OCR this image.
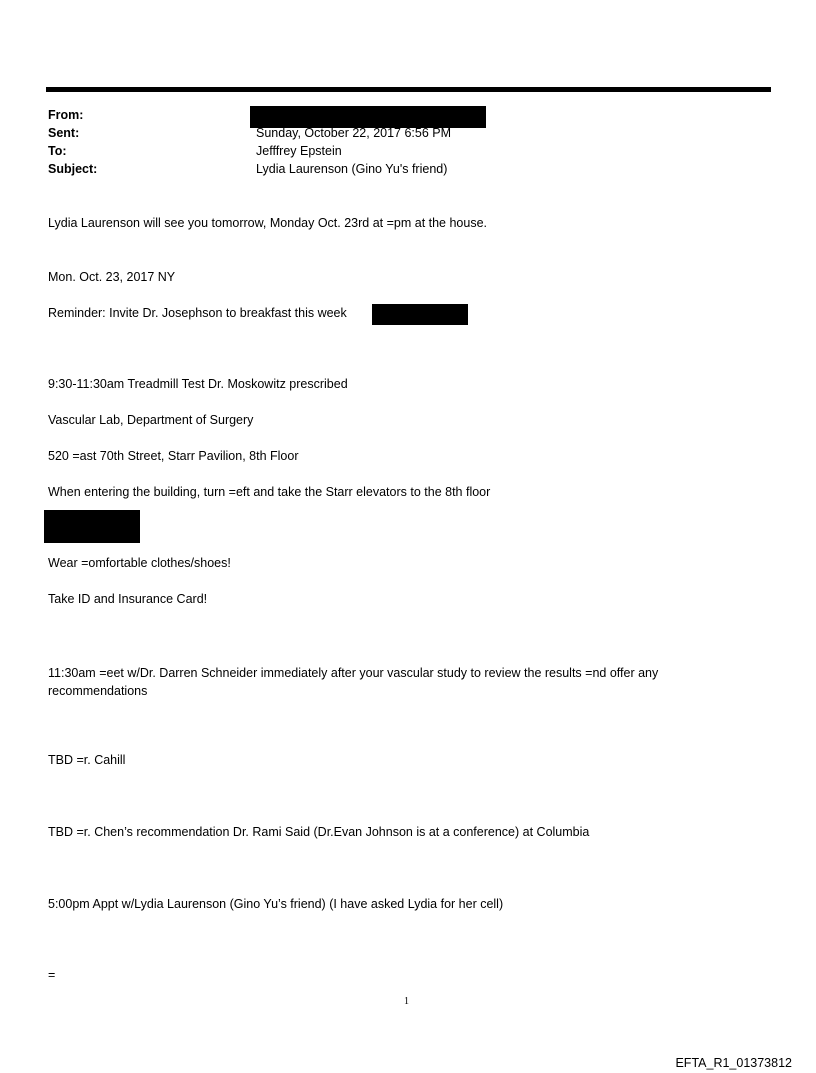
From:
Sent:	Sunday, October 22, 2017 6:56 PM
To:	Jefffrey Epstein
Subject:	Lydia Laurenson (Gino Yu's friend)
Lydia Laurenson will see you tomorrow, Monday Oct. 23rd at =pm at the house.
Mon. Oct. 23, 2017 NY
Reminder: Invite Dr. Josephson to breakfast this week
9:30-11:30am Treadmill Test Dr. Moskowitz prescribed
Vascular Lab, Department of Surgery
520 =ast 70th Street, Starr Pavilion, 8th Floor
When entering the building, turn =eft and take the Starr elevators to the 8th floor
Wear =omfortable clothes/shoes!
Take ID and Insurance Card!
11:30am =eet w/Dr. Darren Schneider immediately after your vascular study to review the results =nd offer any recommendations
TBD =r. Cahill
TBD =r. Chen’s recommendation Dr. Rami Said (Dr.Evan Johnson is at a conference) at Columbia
5:00pm Appt w/Lydia Laurenson (Gino Yu’s friend) (I have asked Lydia for her cell)
=
1
EFTA_R1_01373812
